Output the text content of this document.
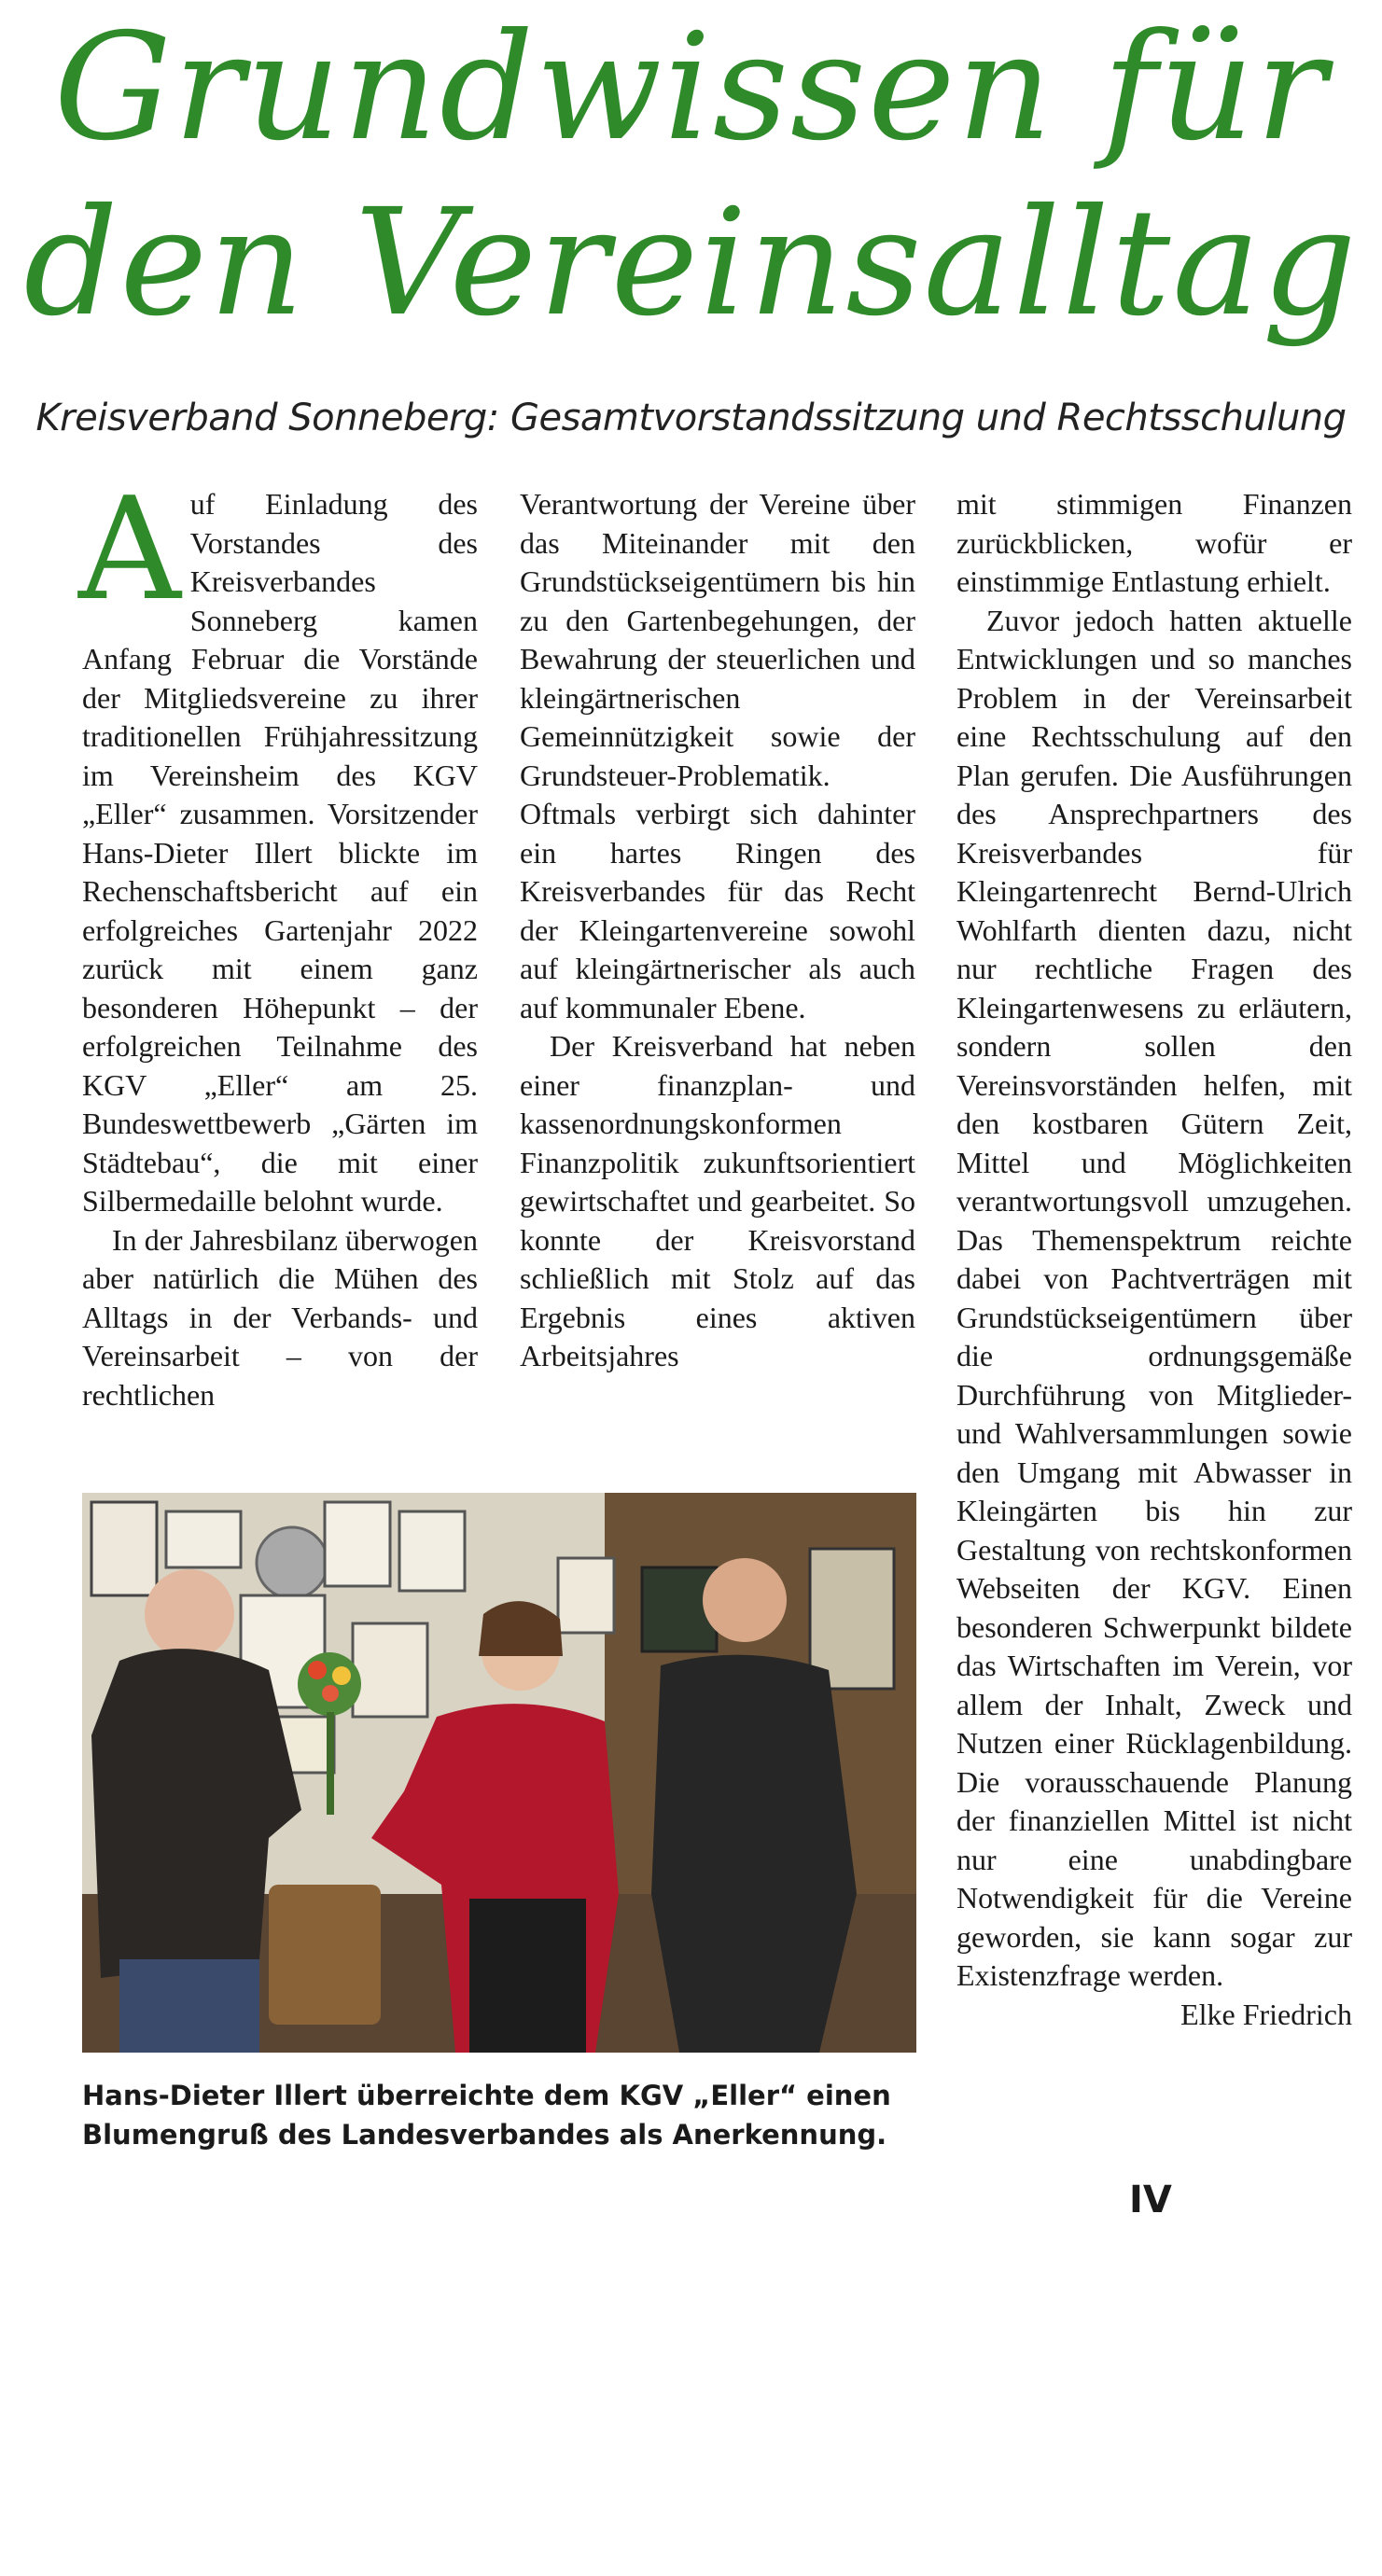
Grundwissen für
den Vereinsalltag
Kreisverband Sonneberg: Gesamtvorstandssitzung und Rechtsschulung

Auf Einladung des Vorstandes des Kreisverbandes Sonneberg kamen Anfang Februar die Vorstände der Mitgliedsvereine zu ihrer traditionellen Frühjahressitzung im Vereinsheim des KGV „Eller“ zusammen. Vorsitzender Hans-Dieter Illert blickte im Rechenschaftsbericht auf ein erfolgreiches Gartenjahr 2022 zurück mit einem ganz besonderen Höhepunkt – der erfolgreichen Teilnahme des KGV „Eller“ am 25. Bundeswettbewerb „Gärten im Städtebau“, die mit einer Silbermedaille belohnt wurde.

In der Jahresbilanz überwogen aber natürlich die Mühen des Alltags in der Verbands- und Vereinsarbeit – von der rechtlichen

Verantwortung der Vereine über das Miteinander mit den Grundstückseigentümern bis hin zu den Gartenbegehungen, der Bewahrung der steuerlichen und kleingärtnerischen Gemeinnützigkeit sowie der Grundsteuer-Problematik. Oftmals verbirgt sich dahinter ein hartes Ringen des Kreisverbandes für das Recht der Kleingartenvereine sowohl auf kleingärtnerischer als auch auf kommunaler Ebene.

Der Kreisverband hat neben einer finanzplan- und kassenordnungskonformen Finanzpolitik zukunftsorientiert gewirtschaftet und gearbeitet. So konnte der Kreisvorstand schließlich mit Stolz auf das Ergebnis eines aktiven Arbeitsjahres

mit stimmigen Finanzen zurückblicken, wofür er einstimmige Entlastung erhielt.

Zuvor jedoch hatten aktuelle Entwicklungen und so manches Problem in der Vereinsarbeit eine Rechtsschulung auf den Plan gerufen. Die Ausführungen des Ansprechpartners des Kreisverbandes für Kleingartenrecht Bernd-Ulrich Wohlfarth dienten dazu, nicht nur rechtliche Fragen des Kleingartenwesens zu erläutern, sondern sollen den Vereinsvorständen helfen, mit den kostbaren Gütern Zeit, Mittel und Möglichkeiten verantwortungsvoll umzugehen. Das Themenspektrum reichte dabei von Pachtverträgen mit Grundstückseigentümern über die ordnungsgemäße Durchführung von Mitglieder- und Wahlversammlungen sowie den Umgang mit Abwasser in Kleingärten bis hin zur Gestaltung von rechtskonformen Webseiten der KGV. Einen besonderen Schwerpunkt bildete das Wirtschaften im Verein, vor allem der Inhalt, Zweck und Nutzen einer Rücklagenbildung. Die vorausschauende Planung der finanziellen Mittel ist nicht nur eine unabdingbare Notwendigkeit für die Vereine geworden, sie kann sogar zur Existenzfrage werden.
Elke Friedrich

Hans-Dieter Illert überreichte dem KGV „Eller“ einen Blumengruß des Landesverbandes als Anerkennung.
IV
